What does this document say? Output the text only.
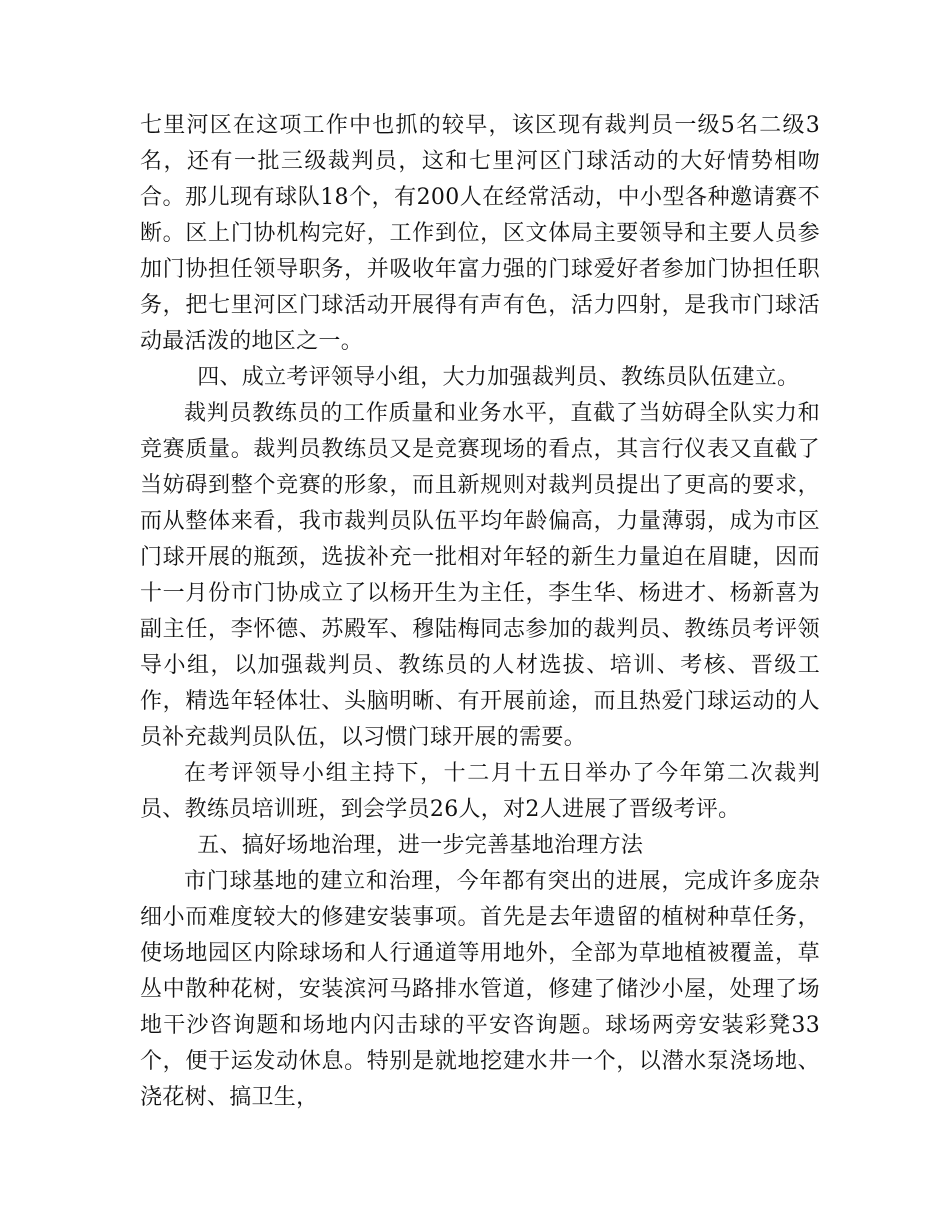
七里河区在这项工作中也抓的较早，该区现有裁判员一级5名二级3名，还有一批三级裁判员，这和七里河区门球活动的大好情势相吻合。那儿现有球队18个，有200人在经常活动，中小型各种邀请赛不断。区上门协机构完好，工作到位，区文体局主要领导和主要人员参加门协担任领导职务，并吸收年富力强的门球爱好者参加门协担任职务，把七里河区门球活动开展得有声有色，活力四射，是我市门球活动最活泼的地区之一。

四、成立考评领导小组，大力加强裁判员、教练员队伍建立。

裁判员教练员的工作质量和业务水平，直截了当妨碍全队实力和竞赛质量。裁判员教练员又是竞赛现场的看点，其言行仪表又直截了当妨碍到整个竞赛的形象，而且新规则对裁判员提出了更高的要求，而从整体来看，我市裁判员队伍平均年龄偏高，力量薄弱，成为市区门球开展的瓶颈，选拔补充一批相对年轻的新生力量迫在眉睫，因而十一月份市门协成立了以杨开生为主任，李生华、杨进才、杨新喜为副主任，李怀德、苏殿军、穆陆梅同志参加的裁判员、教练员考评领导小组，以加强裁判员、教练员的人材选拔、培训、考核、晋级工作，精选年轻体壮、头脑明晰、有开展前途，而且热爱门球运动的人员补充裁判员队伍，以习惯门球开展的需要。

在考评领导小组主持下，十二月十五日举办了今年第二次裁判员、教练员培训班，到会学员26人，对2人进展了晋级考评。

五、搞好场地治理，进一步完善基地治理方法

市门球基地的建立和治理，今年都有突出的进展，完成许多庞杂细小而难度较大的修建安装事项。首先是去年遗留的植树种草任务，使场地园区内除球场和人行通道等用地外，全部为草地植被覆盖，草丛中散种花树，安装滨河马路排水管道，修建了储沙小屋，处理了场地干沙咨询题和场地内闪击球的平安咨询题。球场两旁安装彩凳33个，便于运发动休息。特别是就地挖建水井一个，以潜水泵浇场地、浇花树、搞卫生，
